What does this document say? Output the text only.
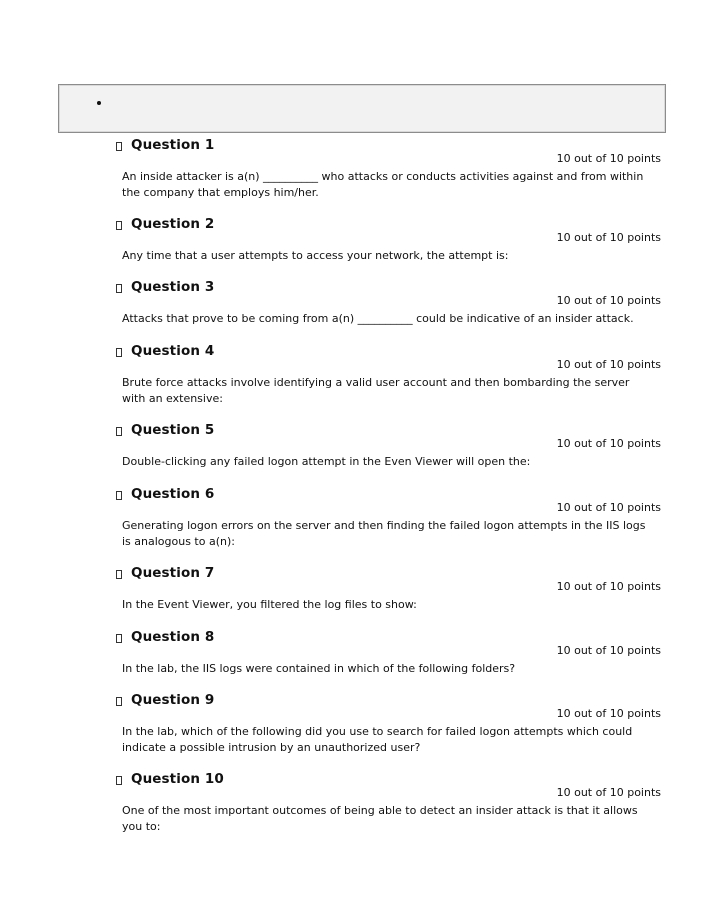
Question 1
10 out of 10 points
An inside attacker is a(n) __________ who attacks or conducts activities against and from within the company that employs him/her.
Question 2
10 out of 10 points
Any time that a user attempts to access your network, the attempt is:
Question 3
10 out of 10 points
Attacks that prove to be coming from a(n) __________ could be indicative of an insider attack.
Question 4
10 out of 10 points
Brute force attacks involve identifying a valid user account and then bombarding the server with an extensive:
Question 5
10 out of 10 points
Double-clicking any failed logon attempt in the Even Viewer will open the:
Question 6
10 out of 10 points
Generating logon errors on the server and then finding the failed logon attempts in the IIS logs is analogous to a(n):
Question 7
10 out of 10 points
In the Event Viewer, you filtered the log files to show:
Question 8
10 out of 10 points
In the lab, the IIS logs were contained in which of the following folders?
Question 9
10 out of 10 points
In the lab, which of the following did you use to search for failed logon attempts which could indicate a possible intrusion by an unauthorized user?
Question 10
10 out of 10 points
One of the most important outcomes of being able to detect an insider attack is that it allows you to:
